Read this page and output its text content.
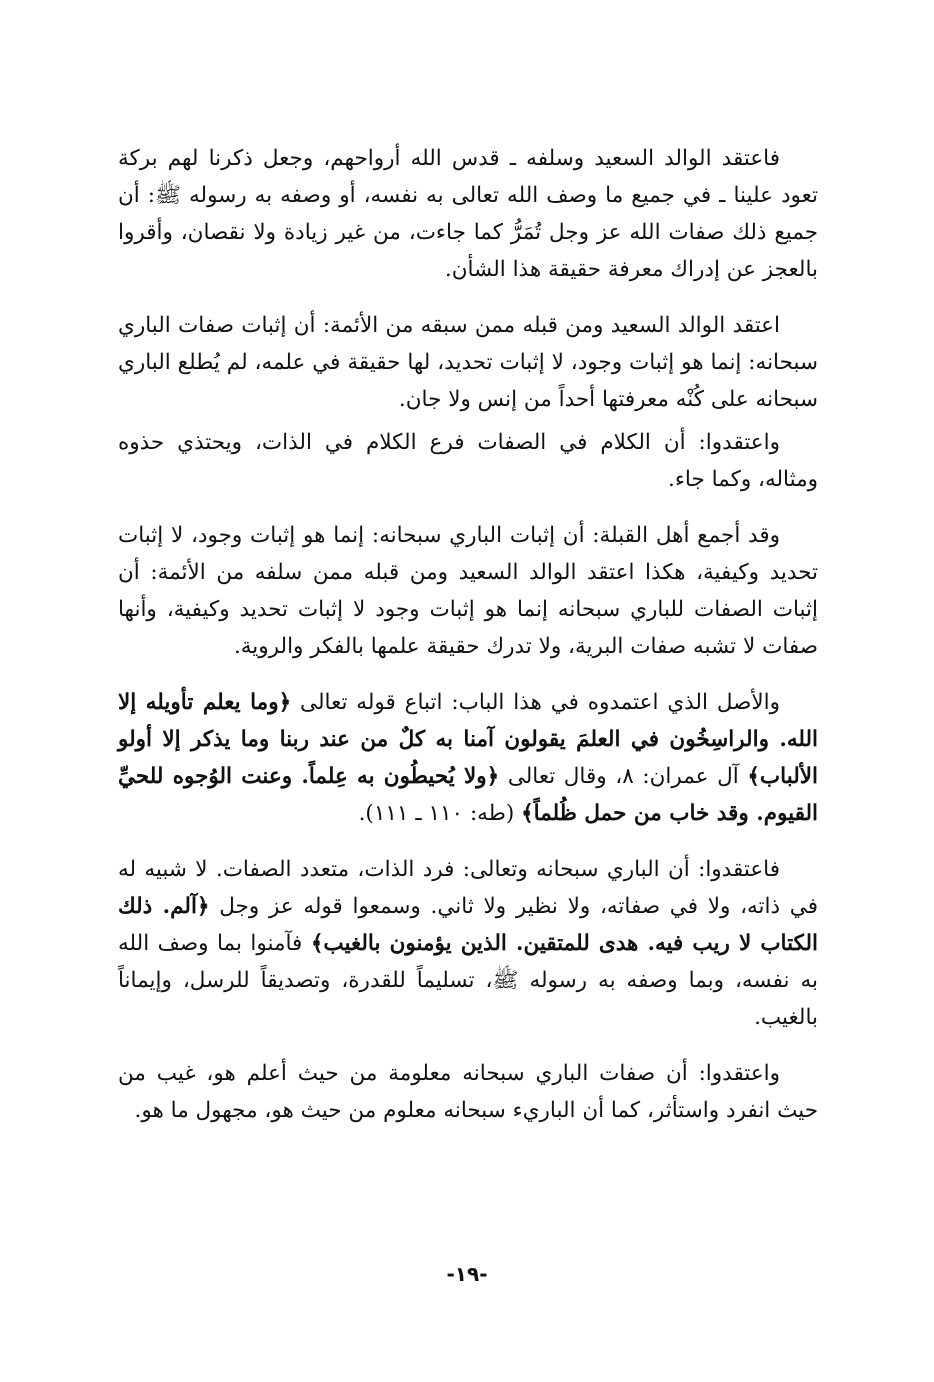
فاعتقد الوالد السعيد وسلفه ـ قدس الله أرواحهم، وجعل ذكرنا لهم بركة تعود علينا ـ في جميع ما وصف الله تعالى به نفسه، أو وصفه به رسوله ﷺ: أن جميع ذلك صفات الله عز وجل تُمَرُّ كما جاءت، من غير زيادة ولا نقصان، وأقروا بالعجز عن إدراك معرفة حقيقة هذا الشأن.

اعتقد الوالد السعيد ومن قبله ممن سبقه من الأئمة: أن إثبات صفات الباري سبحانه: إنما هو إثبات وجود، لا إثبات تحديد، لها حقيقة في علمه، لم يُطلع الباري سبحانه على كُنْه معرفتها أحداً من إنس ولا جان.

واعتقدوا: أن الكلام في الصفات فرع الكلام في الذات، ويحتذي حذوه ومثاله، وكما جاء.

وقد أجمع أهل القبلة: أن إثبات الباري سبحانه: إنما هو إثبات وجود، لا إثبات تحديد وكيفية، هكذا اعتقد الوالد السعيد ومن قبله ممن سلفه من الأئمة: أن إثبات الصفات للباري سبحانه إنما هو إثبات وجود لا إثبات تحديد وكيفية، وأنها صفات لا تشبه صفات البرية، ولا تدرك حقيقة علمها بالفكر والروية.

والأصل الذي اعتمدوه في هذا الباب: اتباع قوله تعالى ﴿وما يعلم تأويله إلا الله. والراسِخُون في العلمَ يقولون آمنا به كلٌ من عند ربنا وما يذكر إلا أولو الألباب﴾ آل عمران: ٨، وقال تعالى ﴿ولا يُحيطُون به عِلماً. وعنت الوُجوه للحيِّ القيوم. وقد خاب من حمل ظُلماً﴾ (طه: ١١٠ ـ ١١١).

فاعتقدوا: أن الباري سبحانه وتعالى: فرد الذات، متعدد الصفات. لا شبيه له في ذاته، ولا في صفاته، ولا نظير ولا ثاني. وسمعوا قوله عز وجل ﴿آلم. ذلك الكتاب لا ريب فيه. هدى للمتقين. الذين يؤمنون بالغيب﴾ فآمنوا بما وصف الله به نفسه، وبما وصفه به رسوله ﷺ، تسليماً للقدرة، وتصديقاً للرسل، وإيماناً بالغيب.

واعتقدوا: أن صفات الباري سبحانه معلومة من حيث أعلم هو، غيب من حيث انفرد واستأثر، كما أن الباريء سبحانه معلوم من حيث هو، مجهول ما هو.

-١٩-
